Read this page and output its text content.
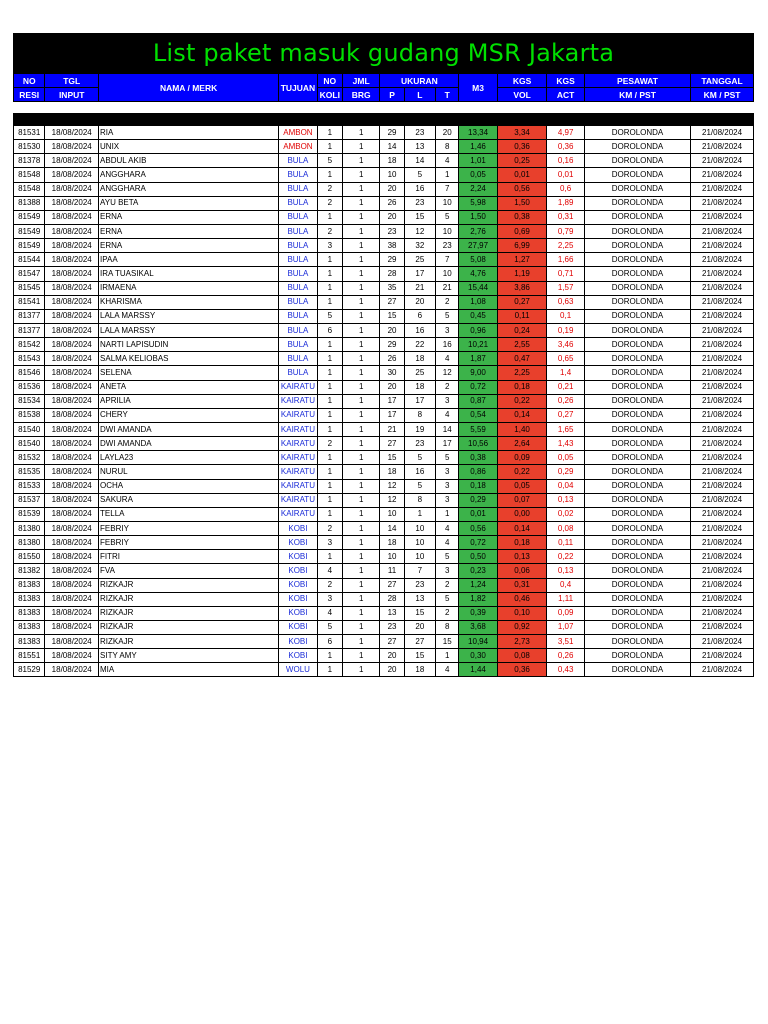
List paket masuk gudang MSR Jakarta
NO	TGL	NAMA / MERK	TUJUAN	NO	JML	UKURAN			M3	KGS	KGS	PESAWAT	TANGGAL
RESI	INPUT			KOLI	BRG	P	L	T		VOL	ACT	KM / PST	KM / PST
81531	18/08/2024	RIA	AMBON	1	1	29	23	20	13,34	3,34	4,97	DOROLONDA	21/08/2024
81530	18/08/2024	UNIX	AMBON	1	1	14	13	8	1,46	0,36	0,36	DOROLONDA	21/08/2024
81378	18/08/2024	ABDUL AKIB	BULA	5	1	18	14	4	1,01	0,25	0,16	DOROLONDA	21/08/2024
81548	18/08/2024	ANGGHARA	BULA	1	1	10	5	1	0,05	0,01	0,01	DOROLONDA	21/08/2024
81548	18/08/2024	ANGGHARA	BULA	2	1	20	16	7	2,24	0,56	0,6	DOROLONDA	21/08/2024
81388	18/08/2024	AYU BETA	BULA	2	1	26	23	10	5,98	1,50	1,89	DOROLONDA	21/08/2024
81549	18/08/2024	ERNA	BULA	1	1	20	15	5	1,50	0,38	0,31	DOROLONDA	21/08/2024
81549	18/08/2024	ERNA	BULA	2	1	23	12	10	2,76	0,69	0,79	DOROLONDA	21/08/2024
81549	18/08/2024	ERNA	BULA	3	1	38	32	23	27,97	6,99	2,25	DOROLONDA	21/08/2024
81544	18/08/2024	IPAA	BULA	1	1	29	25	7	5,08	1,27	1,66	DOROLONDA	21/08/2024
81547	18/08/2024	IRA TUASIKAL	BULA	1	1	28	17	10	4,76	1,19	0,71	DOROLONDA	21/08/2024
81545	18/08/2024	IRMAENA	BULA	1	1	35	21	21	15,44	3,86	1,57	DOROLONDA	21/08/2024
81541	18/08/2024	KHARISMA	BULA	1	1	27	20	2	1,08	0,27	0,63	DOROLONDA	21/08/2024
81377	18/08/2024	LALA MARSSY	BULA	5	1	15	6	5	0,45	0,11	0,1	DOROLONDA	21/08/2024
81377	18/08/2024	LALA MARSSY	BULA	6	1	20	16	3	0,96	0,24	0,19	DOROLONDA	21/08/2024
81542	18/08/2024	NARTI LAPISUDIN	BULA	1	1	29	22	16	10,21	2,55	3,46	DOROLONDA	21/08/2024
81543	18/08/2024	SALMA KELIOBAS	BULA	1	1	26	18	4	1,87	0,47	0,65	DOROLONDA	21/08/2024
81546	18/08/2024	SELENA	BULA	1	1	30	25	12	9,00	2,25	1,4	DOROLONDA	21/08/2024
81536	18/08/2024	ANETA	KAIRATU	1	1	20	18	2	0,72	0,18	0,21	DOROLONDA	21/08/2024
81534	18/08/2024	APRILIA	KAIRATU	1	1	17	17	3	0,87	0,22	0,26	DOROLONDA	21/08/2024
81538	18/08/2024	CHERY	KAIRATU	1	1	17	8	4	0,54	0,14	0,27	DOROLONDA	21/08/2024
81540	18/08/2024	DWI AMANDA	KAIRATU	1	1	21	19	14	5,59	1,40	1,65	DOROLONDA	21/08/2024
81540	18/08/2024	DWI AMANDA	KAIRATU	2	1	27	23	17	10,56	2,64	1,43	DOROLONDA	21/08/2024
81532	18/08/2024	LAYLA23	KAIRATU	1	1	15	5	5	0,38	0,09	0,05	DOROLONDA	21/08/2024
81535	18/08/2024	NURUL	KAIRATU	1	1	18	16	3	0,86	0,22	0,29	DOROLONDA	21/08/2024
81533	18/08/2024	OCHA	KAIRATU	1	1	12	5	3	0,18	0,05	0,04	DOROLONDA	21/08/2024
81537	18/08/2024	SAKURA	KAIRATU	1	1	12	8	3	0,29	0,07	0,13	DOROLONDA	21/08/2024
81539	18/08/2024	TELLA	KAIRATU	1	1	10	1	1	0,01	0,00	0,02	DOROLONDA	21/08/2024
81380	18/08/2024	FEBRIY	KOBI	2	1	14	10	4	0,56	0,14	0,08	DOROLONDA	21/08/2024
81380	18/08/2024	FEBRIY	KOBI	3	1	18	10	4	0,72	0,18	0,11	DOROLONDA	21/08/2024
81550	18/08/2024	FITRI	KOBI	1	1	10	10	5	0,50	0,13	0,22	DOROLONDA	21/08/2024
81382	18/08/2024	FVA	KOBI	4	1	11	7	3	0,23	0,06	0,13	DOROLONDA	21/08/2024
81383	18/08/2024	RIZKAJR	KOBI	2	1	27	23	2	1,24	0,31	0,4	DOROLONDA	21/08/2024
81383	18/08/2024	RIZKAJR	KOBI	3	1	28	13	5	1,82	0,46	1,11	DOROLONDA	21/08/2024
81383	18/08/2024	RIZKAJR	KOBI	4	1	13	15	2	0,39	0,10	0,09	DOROLONDA	21/08/2024
81383	18/08/2024	RIZKAJR	KOBI	5	1	23	20	8	3,68	0,92	1,07	DOROLONDA	21/08/2024
81383	18/08/2024	RIZKAJR	KOBI	6	1	27	27	15	10,94	2,73	3,51	DOROLONDA	21/08/2024
81551	18/08/2024	SITY AMY	KOBI	1	1	20	15	1	0,30	0,08	0,26	DOROLONDA	21/08/2024
81529	18/08/2024	MIA	WOLU	1	1	20	18	4	1,44	0,36	0,43	DOROLONDA	21/08/2024
